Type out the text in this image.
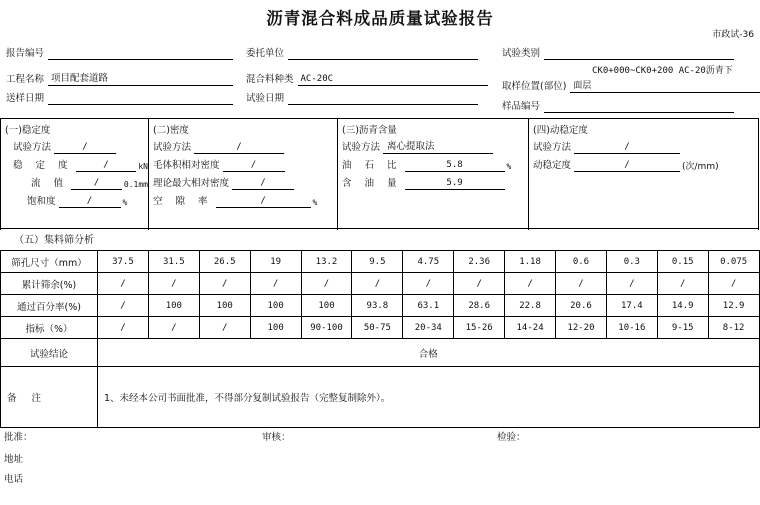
沥青混合料成品质量试验报告
市政试-36
报告编号	委托单位	试验类别
工程名称 项目配套道路	混合料种类 AC-20C
取样位置(部位) 面层
CK0+000~CK0+200 AC-20沥青下
送样日期	试验日期
样品编号
(一)稳定度
试验方法	/
稳 定 度	/	kN
流 值	/	0.1mm
饱和度	/	%
(二)密度
试验方法	/
毛体积相对密度	/
理论最大相对密度	/
空 隙 率	/	%
(三)沥青含量
试验方法 离心提取法
油 石 比	5.8	%
含 油 量	5.9
(四)动稳定度
试验方法	/
动稳定度	/	(次/mm)
（五）集料筛分析
筛孔尺寸（mm）	37.5	31.5	26.5	19	13.2	9.5	4.75	2.36	1.18	0.6	0.3	0.15	0.075
累计筛余(%)	/	/	/	/	/	/	/	/	/	/	/	/	/
通过百分率(%)	/	100	100	100	100	93.8	63.1	28.6	22.8	20.6	17.4	14.9	12.9
指标（%）	/	/	/	100	90-100	50-75	20-34	15-26	14-24	12-20	10-16	9-15	8-12
试验结论	合格												
备 注	1、未经本公司书面批准，不得部分复制试验报告（完整复制除外）。												
批准：	审核：	检验：
地址
电话
